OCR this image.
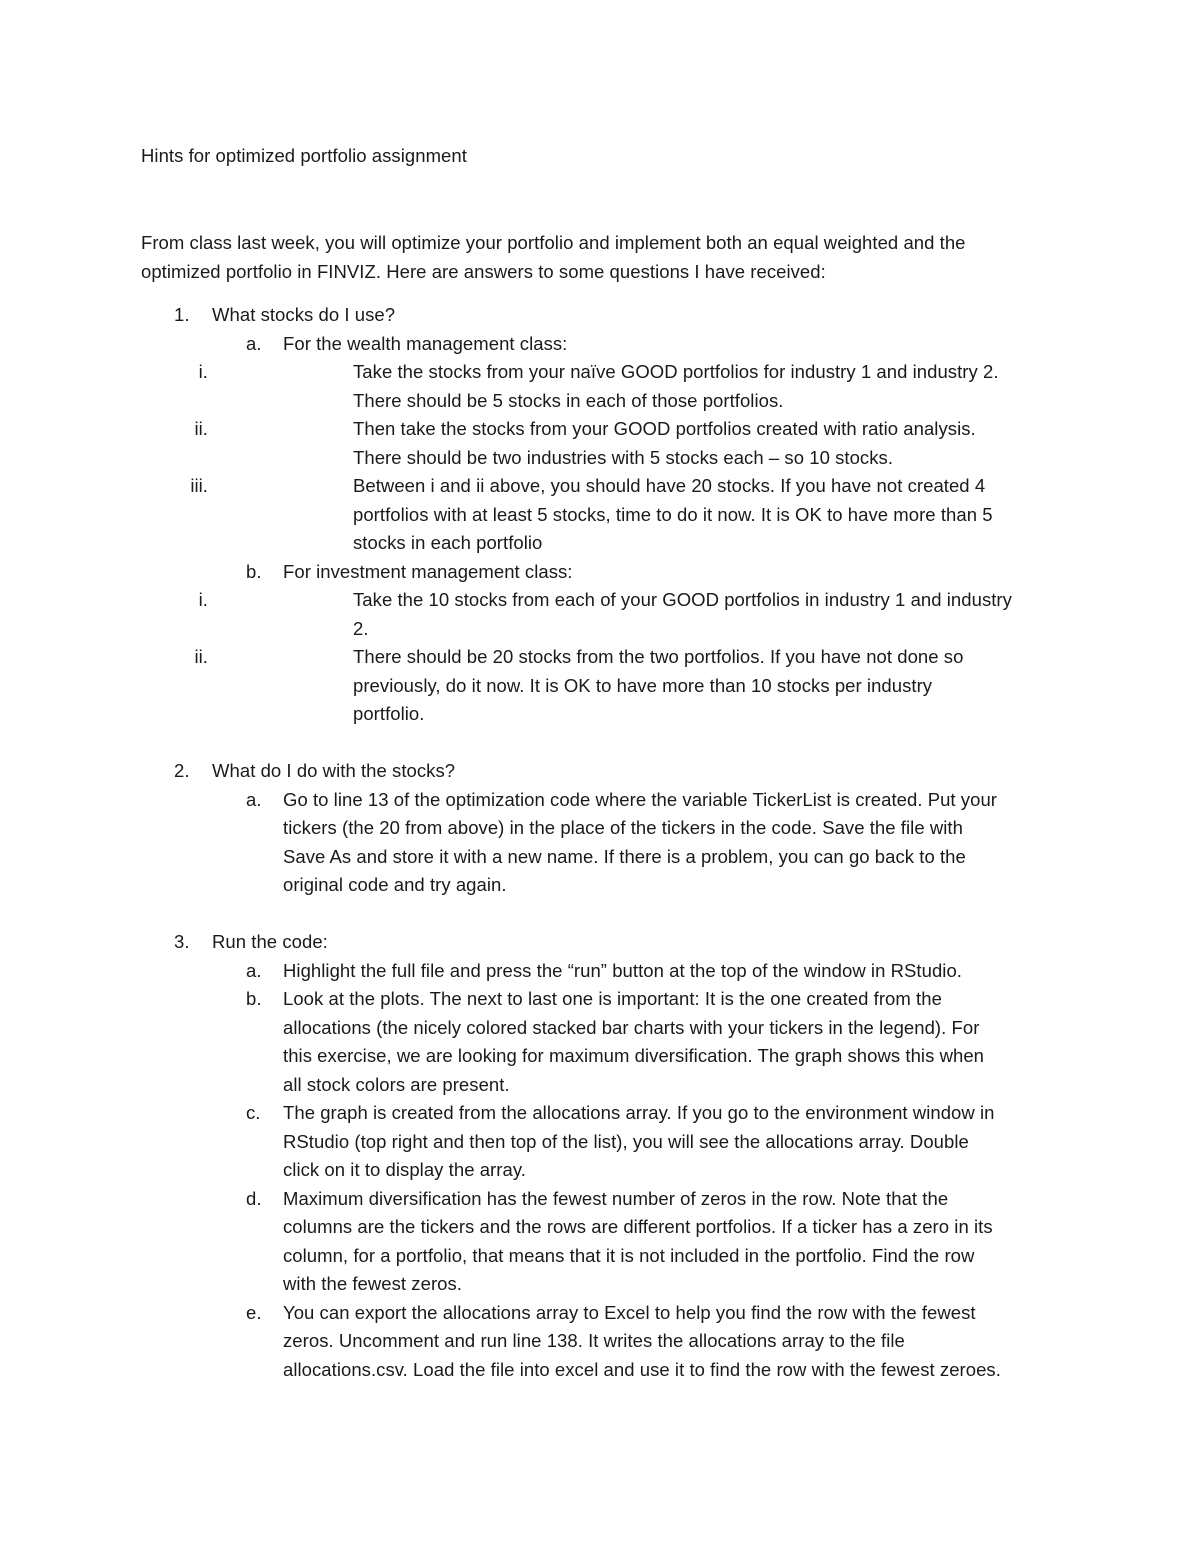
Hints for optimized portfolio assignment
From class last week, you will optimize your portfolio and implement both an equal weighted and the
optimized portfolio in FINVIZ. Here are answers to some questions I have received:
1. What stocks do I use?
a. For the wealth management class:
i.	Take the stocks from your naïve GOOD portfolios for industry 1 and industry 2.
There should be 5 stocks in each of those portfolios.
ii.	Then take the stocks from your GOOD portfolios created with ratio analysis.
There should be two industries with 5 stocks each – so 10 stocks.
iii.	Between i and ii above, you should have 20 stocks. If you have not created 4
portfolios with at least 5 stocks, time to do it now. It is OK to have more than 5
stocks in each portfolio
b. For investment management class:
i.	Take the 10 stocks from each of your GOOD portfolios in industry 1 and industry
2.
ii.	There should be 20 stocks from the two portfolios. If you have not done so
previously, do it now. It is OK to have more than 10 stocks per industry
portfolio.
2. What do I do with the stocks?
a. Go to line 13 of the optimization code where the variable TickerList is created. Put your
tickers (the 20 from above) in the place of the tickers in the code. Save the file with
Save As and store it with a new name. If there is a problem, you can go back to the
original code and try again.
3. Run the code:
a. Highlight the full file and press the “run” button at the top of the window in RStudio.
b. Look at the plots. The next to last one is important: It is the one created from the
allocations (the nicely colored stacked bar charts with your tickers in the legend). For
this exercise, we are looking for maximum diversification. The graph shows this when
all stock colors are present.
c. The graph is created from the allocations array. If you go to the environment window in
RStudio (top right and then top of the list), you will see the allocations array. Double
click on it to display the array.
d. Maximum diversification has the fewest number of zeros in the row. Note that the
columns are the tickers and the rows are different portfolios. If a ticker has a zero in its
column, for a portfolio, that means that it is not included in the portfolio. Find the row
with the fewest zeros.
e. You can export the allocations array to Excel to help you find the row with the fewest
zeros. Uncomment and run line 138. It writes the allocations array to the file
allocations.csv. Load the file into excel and use it to find the row with the fewest zeroes.
